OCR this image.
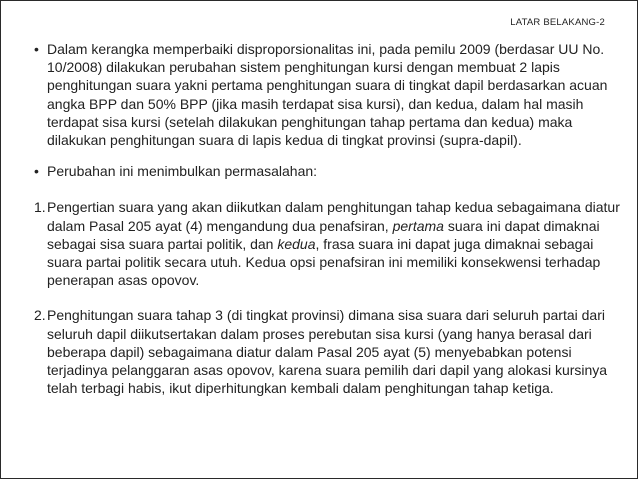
LATAR BELAKANG-2

• Dalam kerangka memperbaiki disproporsionalitas ini, pada pemilu 2009 (berdasar UU No. 10/2008) dilakukan perubahan sistem penghitungan kursi dengan membuat 2 lapis penghitungan suara yakni pertama penghitungan suara di tingkat dapil berdasarkan acuan angka BPP dan 50% BPP (jika masih terdapat sisa kursi), dan kedua, dalam hal masih terdapat sisa kursi (setelah dilakukan penghitungan tahap pertama dan kedua) maka dilakukan penghitungan suara di lapis kedua di tingkat provinsi (supra-dapil).

• Perubahan ini menimbulkan permasalahan:

1. Pengertian suara yang akan diikutkan dalam penghitungan tahap kedua sebagaimana diatur dalam Pasal 205 ayat (4) mengandung dua penafsiran, pertama suara ini dapat dimaknai sebagai sisa suara partai politik, dan kedua, frasa suara ini dapat juga dimaknai sebagai suara partai politik secara utuh. Kedua opsi penafsiran ini memiliki konsekwensi terhadap penerapan asas opovov.

2. Penghitungan suara tahap 3 (di tingkat provinsi) dimana sisa suara dari seluruh partai dari seluruh dapil diikutsertakan dalam proses perebutan sisa kursi (yang hanya berasal dari beberapa dapil) sebagaimana diatur dalam Pasal 205 ayat (5) menyebabkan potensi terjadinya pelanggaran asas opovov, karena suara pemilih dari dapil yang alokasi kursinya telah terbagi habis, ikut diperhitungkan kembali dalam penghitungan tahap ketiga.
